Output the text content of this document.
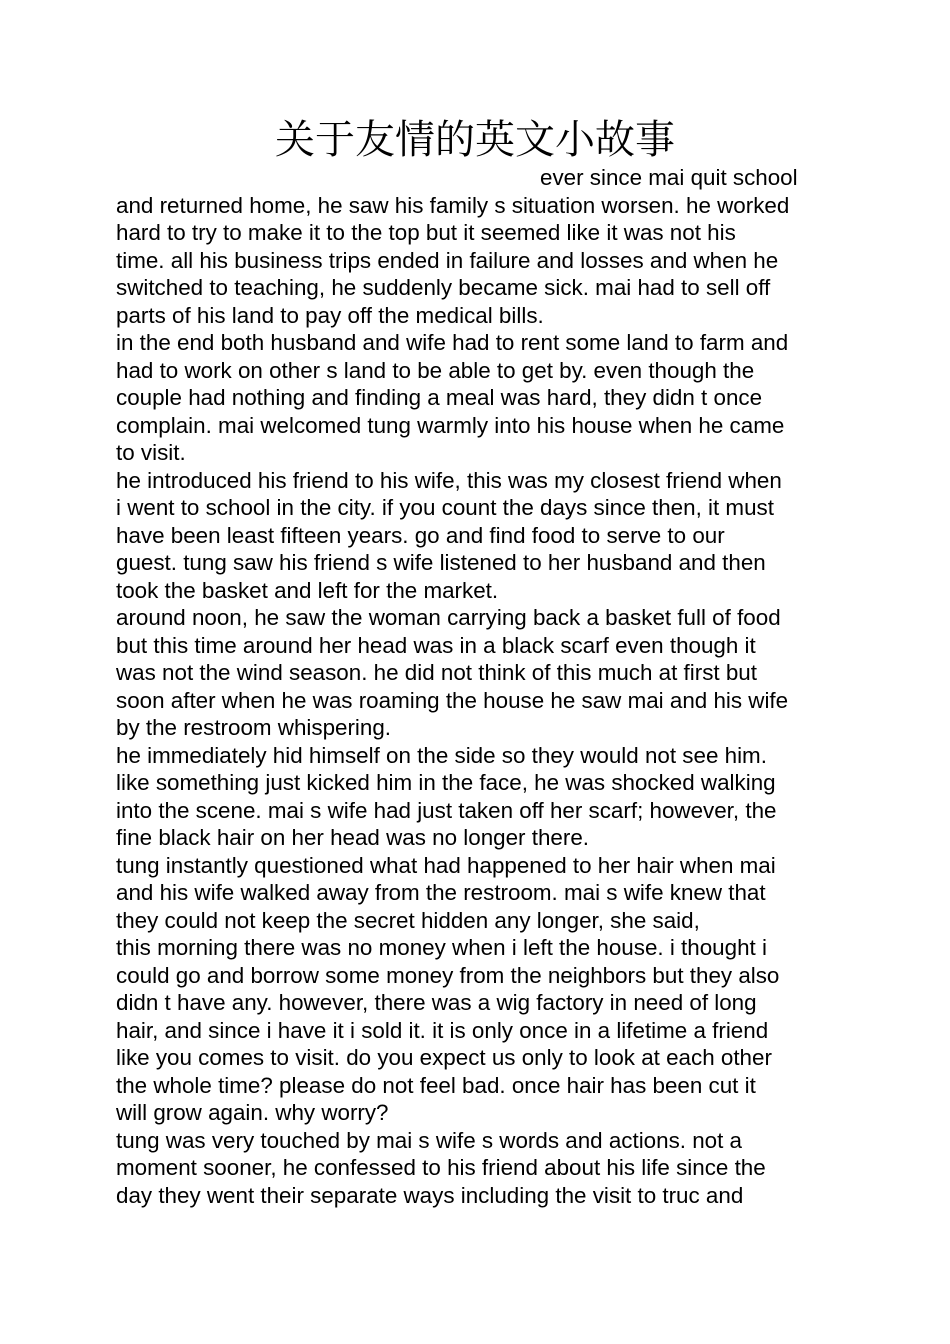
关于友情的英文小故事
ever since mai quit school
and returned home, he saw his family s situation worsen. he worked
hard to try to make it to the top but it seemed like it was not his
time. all his business trips ended in failure and losses and when he
switched to teaching, he suddenly became sick. mai had to sell off
parts of his land to pay off the medical bills.
in the end both husband and wife had to rent some land to farm and
had to work on other s land to be able to get by. even though the
couple had nothing and finding a meal was hard, they didn t once
complain. mai welcomed tung warmly into his house when he came
to visit.
he introduced his friend to his wife, this was my closest friend when
i went to school in the city. if you count the days since then, it must
have been least fifteen years. go and find food to serve to our
guest. tung saw his friend s wife listened to her husband and then
took the basket and left for the market.
around noon, he saw the woman carrying back a basket full of food
but this time around her head was in a black scarf even though it
was not the wind season. he did not think of this much at first but
soon after when he was roaming the house he saw mai and his wife
by the restroom whispering.
he immediately hid himself on the side so they would not see him.
like something just kicked him in the face, he was shocked walking
into the scene. mai s wife had just taken off her scarf; however, the
fine black hair on her head was no longer there.
tung instantly questioned what had happened to her hair when mai
and his wife walked away from the restroom. mai s wife knew that
they could not keep the secret hidden any longer, she said,
this morning there was no money when i left the house. i thought i
could go and borrow some money from the neighbors but they also
didn t have any. however, there was a wig factory in need of long
hair, and since i have it i sold it. it is only once in a lifetime a friend
like you comes to visit. do you expect us only to look at each other
the whole time? please do not feel bad. once hair has been cut it
will grow again. why worry?
tung was very touched by mai s wife s words and actions. not a
moment sooner, he confessed to his friend about his life since the
day they went their separate ways including the visit to truc and
